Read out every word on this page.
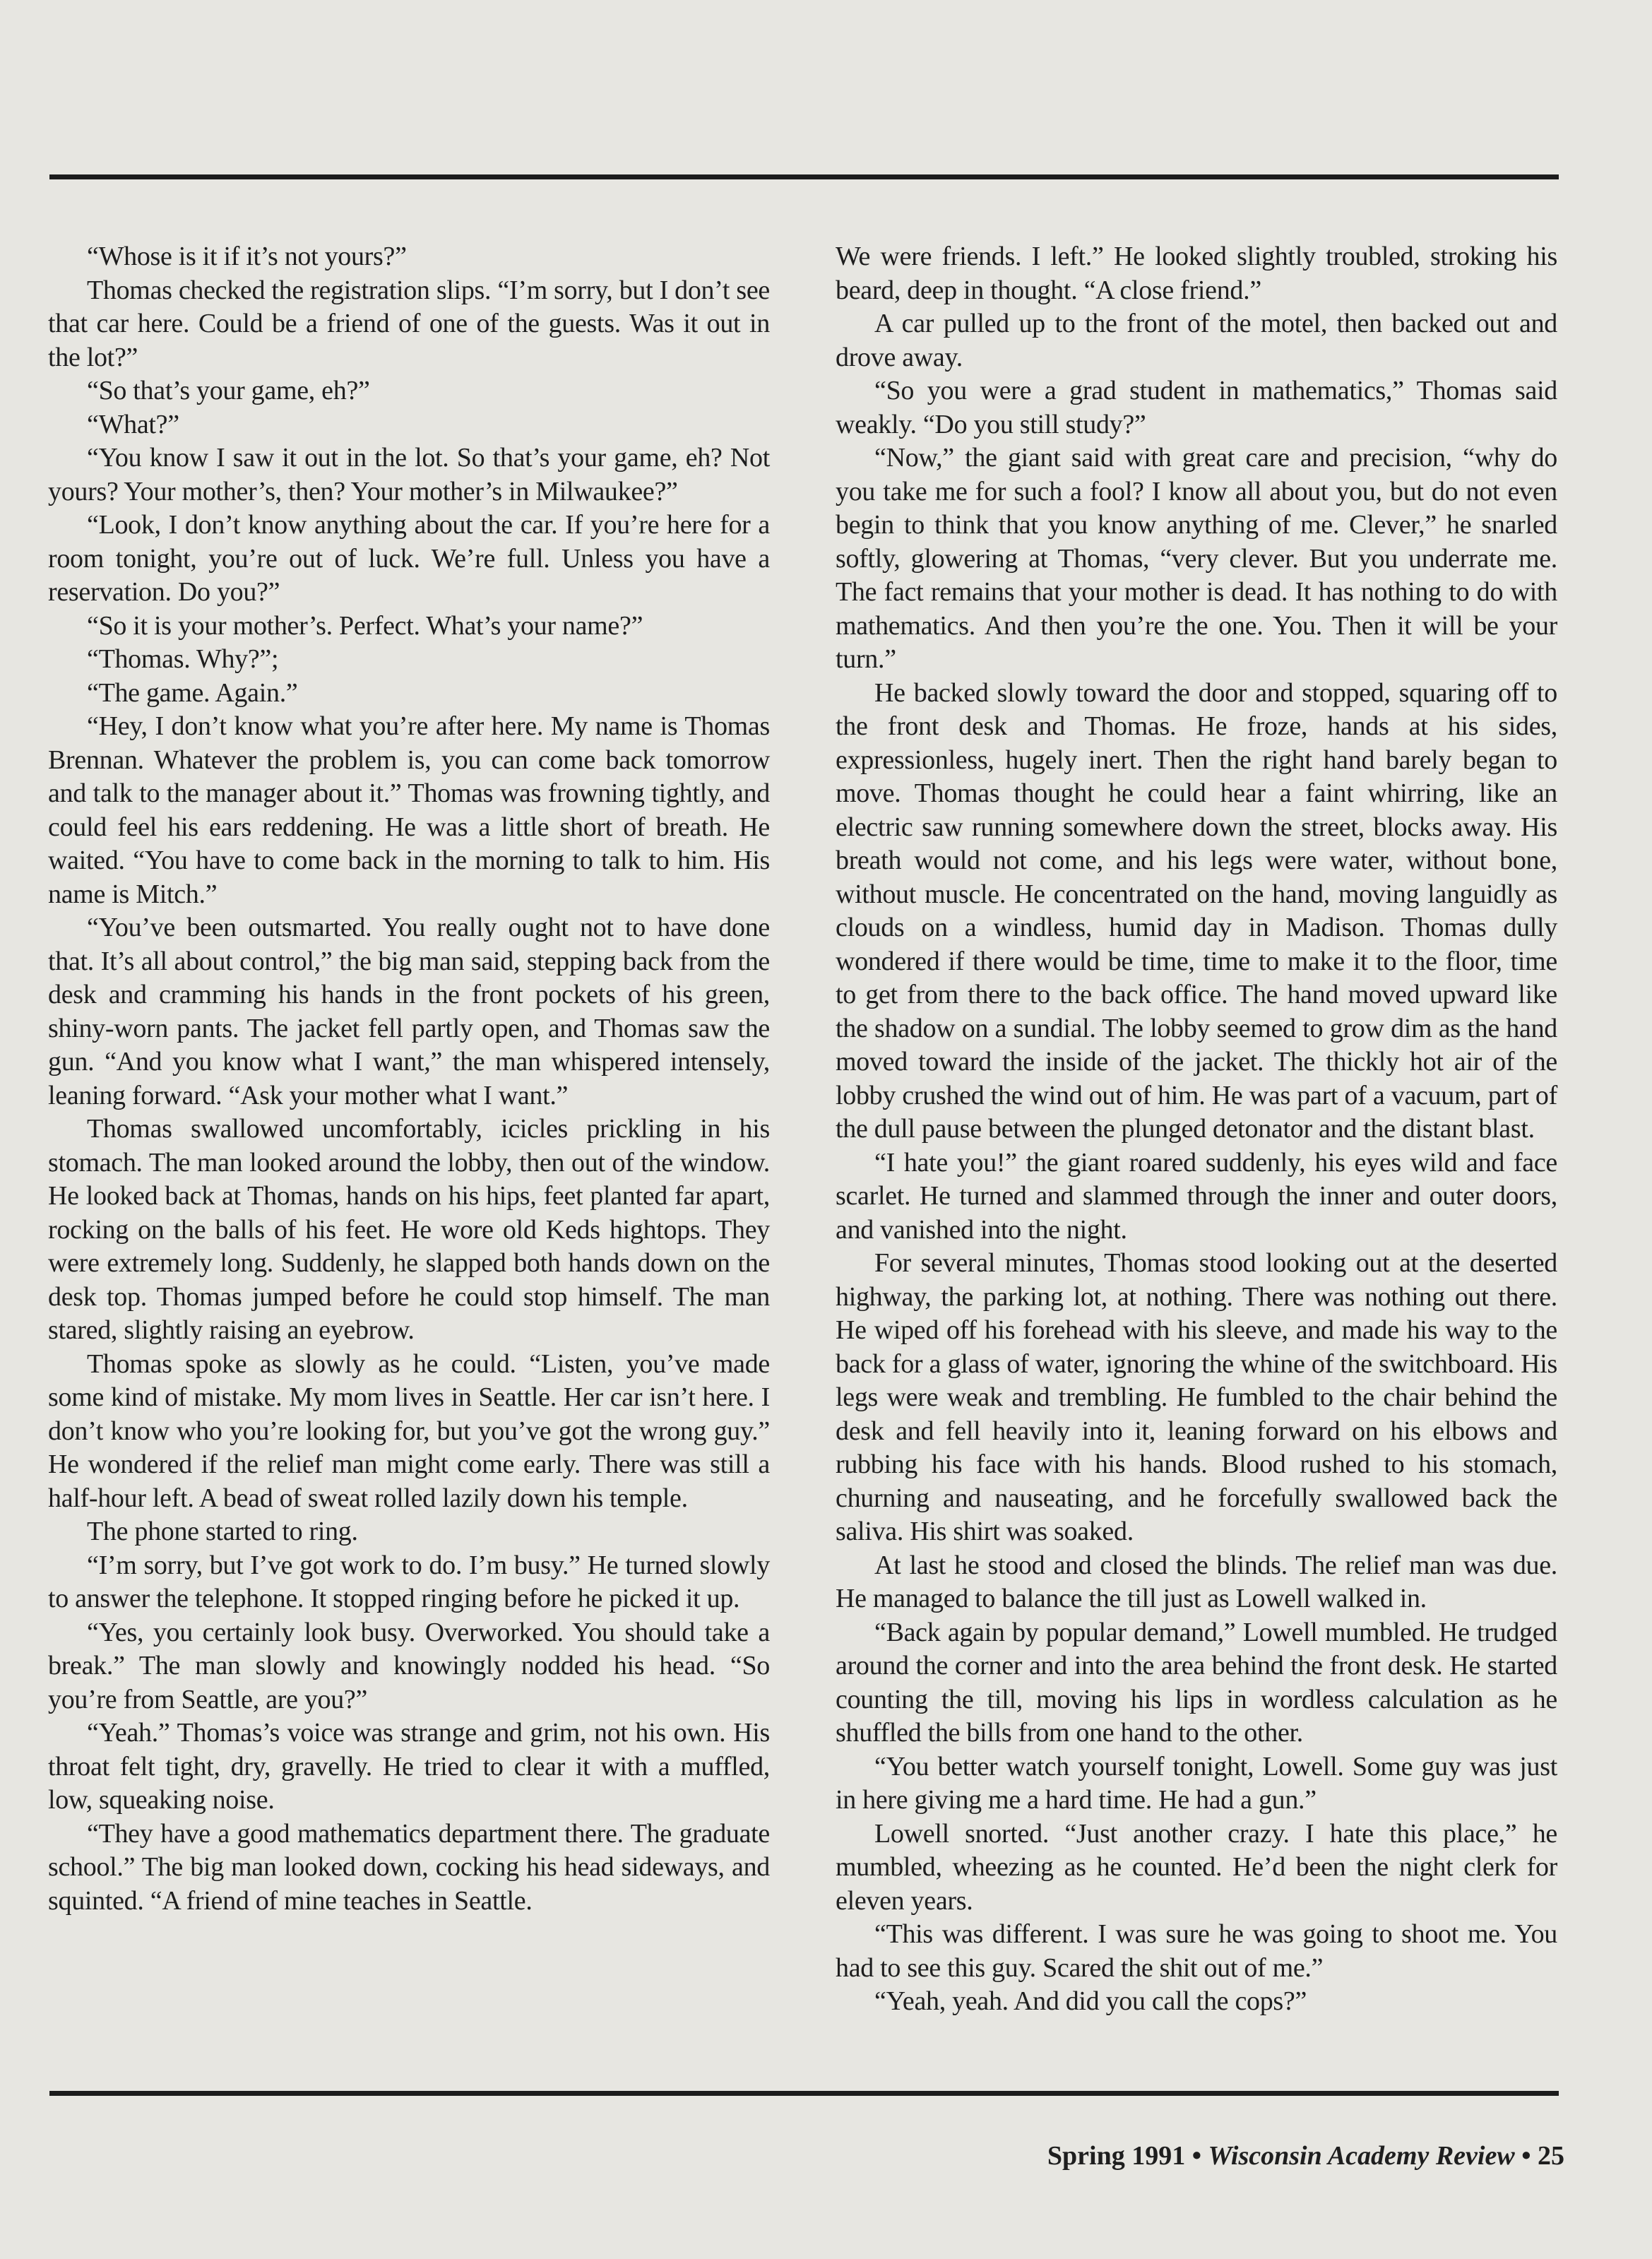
“Whose is it if it’s not yours?”

Thomas checked the registration slips. “I’m sorry, but I don’t see that car here. Could be a friend of one of the guests. Was it out in the lot?”

“So that’s your game, eh?”

“What?”

“You know I saw it out in the lot. So that’s your game, eh? Not yours? Your mother’s, then? Your mother’s in Milwaukee?”

“Look, I don’t know anything about the car. If you’re here for a room tonight, you’re out of luck. We’re full. Unless you have a reservation. Do you?”

“So it is your mother’s. Perfect. What’s your name?”

“Thomas. Why?”;

“The game. Again.”

“Hey, I don’t know what you’re after here. My name is Thomas Brennan. Whatever the problem is, you can come back tomorrow and talk to the manager about it.” Thomas was frowning tightly, and could feel his ears reddening. He was a little short of breath. He waited. “You have to come back in the morning to talk to him. His name is Mitch.”

“You’ve been outsmarted. You really ought not to have done that. It’s all about control,” the big man said, stepping back from the desk and cramming his hands in the front pockets of his green, shiny-worn pants. The jacket fell partly open, and Thomas saw the gun. “And you know what I want,” the man whispered intensely, leaning forward. “Ask your mother what I want.”

Thomas swallowed uncomfortably, icicles prickling in his stomach. The man looked around the lobby, then out of the window. He looked back at Thomas, hands on his hips, feet planted far apart, rocking on the balls of his feet. He wore old Keds hightops. They were extremely long. Suddenly, he slapped both hands down on the desk top. Thomas jumped before he could stop himself. The man stared, slightly raising an eyebrow.

Thomas spoke as slowly as he could. “Listen, you’ve made some kind of mistake. My mom lives in Seattle. Her car isn’t here. I don’t know who you’re looking for, but you’ve got the wrong guy.” He wondered if the relief man might come early. There was still a half-hour left. A bead of sweat rolled lazily down his temple.

The phone started to ring.

“I’m sorry, but I’ve got work to do. I’m busy.” He turned slowly to answer the telephone. It stopped ringing before he picked it up.

“Yes, you certainly look busy. Overworked. You should take a break.” The man slowly and knowingly nodded his head. “So you’re from Seattle, are you?”

“Yeah.” Thomas’s voice was strange and grim, not his own. His throat felt tight, dry, gravelly. He tried to clear it with a muffled, low, squeaking noise.

“They have a good mathematics department there. The graduate school.” The big man looked down, cocking his head sideways, and squinted. “A friend of mine teaches in Seattle.

We were friends. I left.” He looked slightly troubled, stroking his beard, deep in thought. “A close friend.”

A car pulled up to the front of the motel, then backed out and drove away.

“So you were a grad student in mathematics,” Thomas said weakly. “Do you still study?”

“Now,” the giant said with great care and precision, “why do you take me for such a fool? I know all about you, but do not even begin to think that you know anything of me. Clever,” he snarled softly, glowering at Thomas, “very clever. But you underrate me. The fact remains that your mother is dead. It has nothing to do with mathematics. And then you’re the one. You. Then it will be your turn.”

He backed slowly toward the door and stopped, squaring off to the front desk and Thomas. He froze, hands at his sides, expressionless, hugely inert. Then the right hand barely began to move. Thomas thought he could hear a faint whirring, like an electric saw running somewhere down the street, blocks away. His breath would not come, and his legs were water, without bone, without muscle. He concentrated on the hand, moving languidly as clouds on a windless, humid day in Madison. Thomas dully wondered if there would be time, time to make it to the floor, time to get from there to the back office. The hand moved upward like the shadow on a sundial. The lobby seemed to grow dim as the hand moved toward the inside of the jacket. The thickly hot air of the lobby crushed the wind out of him. He was part of a vacuum, part of the dull pause between the plunged detonator and the distant blast.

“I hate you!” the giant roared suddenly, his eyes wild and face scarlet. He turned and slammed through the inner and outer doors, and vanished into the night.

For several minutes, Thomas stood looking out at the deserted highway, the parking lot, at nothing. There was nothing out there. He wiped off his forehead with his sleeve, and made his way to the back for a glass of water, ignoring the whine of the switchboard. His legs were weak and trembling. He fumbled to the chair behind the desk and fell heavily into it, leaning forward on his elbows and rubbing his face with his hands. Blood rushed to his stomach, churning and nauseating, and he forcefully swallowed back the saliva. His shirt was soaked.

At last he stood and closed the blinds. The relief man was due. He managed to balance the till just as Lowell walked in.

“Back again by popular demand,” Lowell mumbled. He trudged around the corner and into the area behind the front desk. He started counting the till, moving his lips in wordless calculation as he shuffled the bills from one hand to the other.

“You better watch yourself tonight, Lowell. Some guy was just in here giving me a hard time. He had a gun.”

Lowell snorted. “Just another crazy. I hate this place,” he mumbled, wheezing as he counted. He’d been the night clerk for eleven years.

“This was different. I was sure he was going to shoot me. You had to see this guy. Scared the shit out of me.”

“Yeah, yeah. And did you call the cops?”

Spring 1991 • Wisconsin Academy Review • 25
